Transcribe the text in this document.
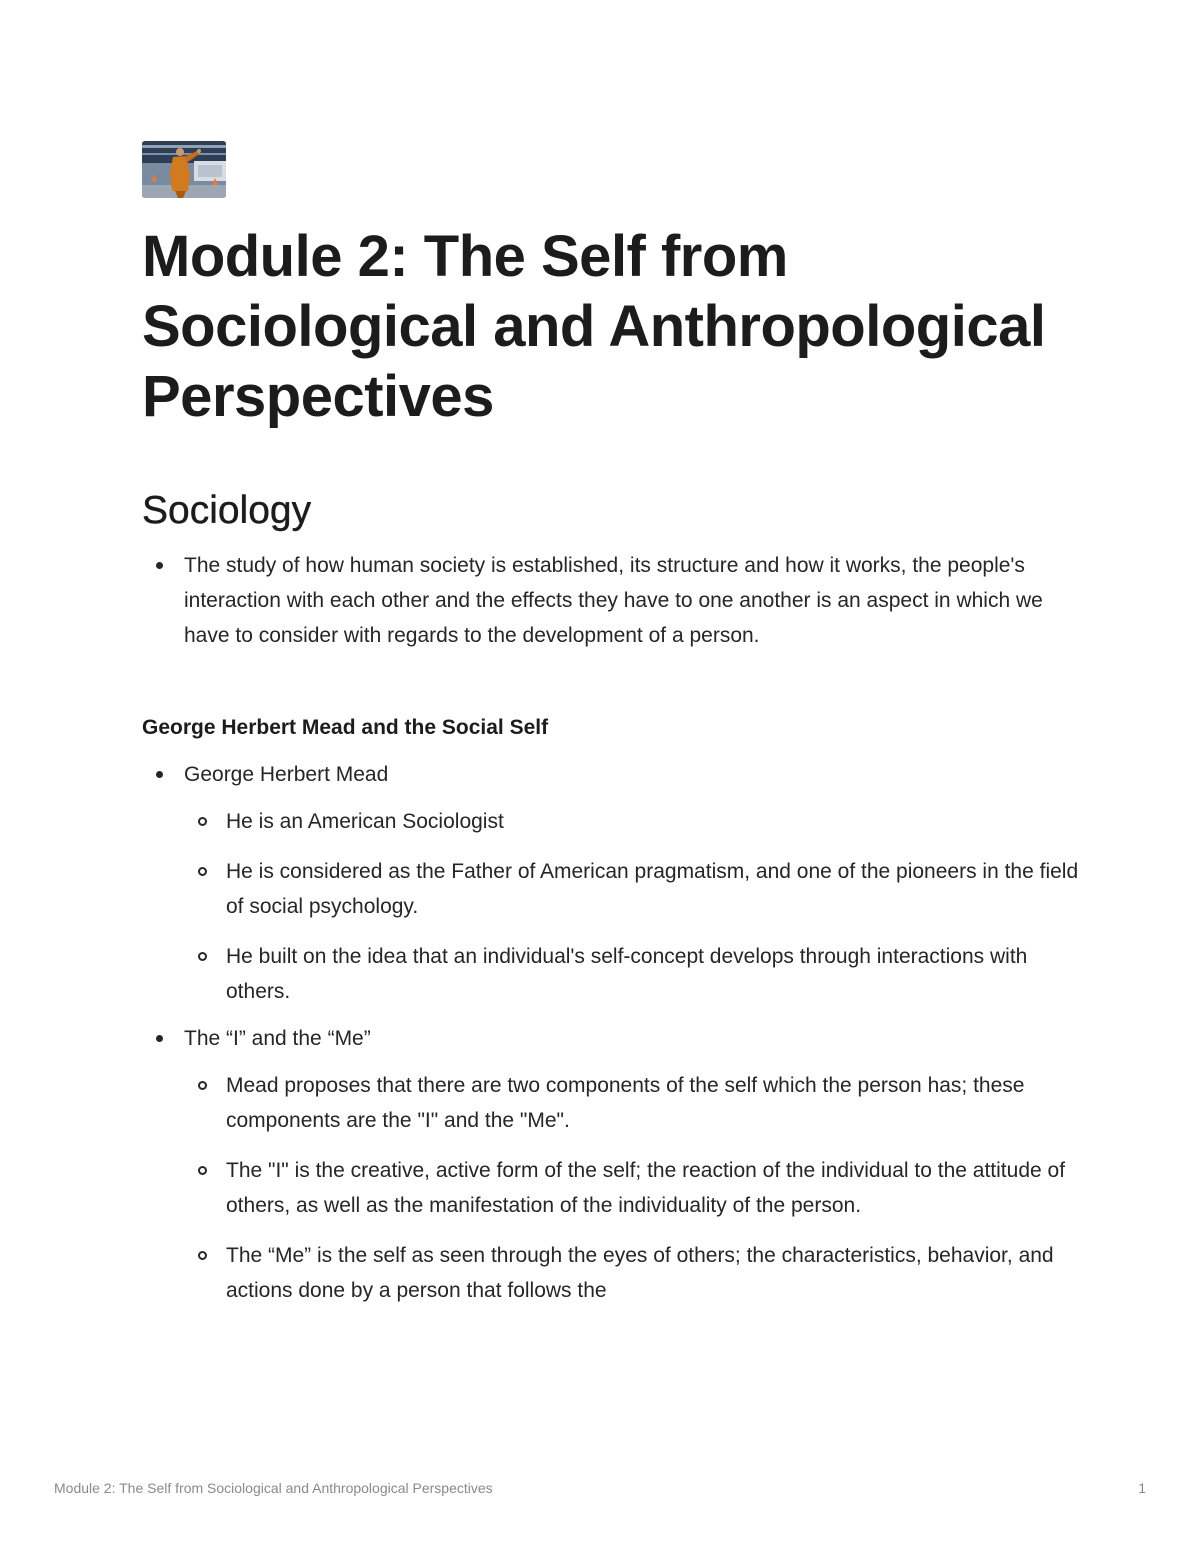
Module 2: The Self from Sociological and Anthropological Perspectives
Sociology
The study of how human society is established, its structure and how it works, the people's interaction with each other and the effects they have to one another is an aspect in which we have to consider with regards to the development of a person.
George Herbert Mead and the Social Self
George Herbert Mead
He is an American Sociologist
He is considered as the Father of American pragmatism, and one of the pioneers in the field of social psychology.
He built on the idea that an individual's self-concept develops through interactions with others.
The “I” and the “Me”
Mead proposes that there are two components of the self which the person has; these components are the "I" and the "Me".
The "I" is the creative, active form of the self; the reaction of the individual to the attitude of others, as well as the manifestation of the individuality of the person.
The “Me” is the self as seen through the eyes of others; the characteristics, behavior, and actions done by a person that follows the
Module 2: The Self from Sociological and Anthropological Perspectives	1
